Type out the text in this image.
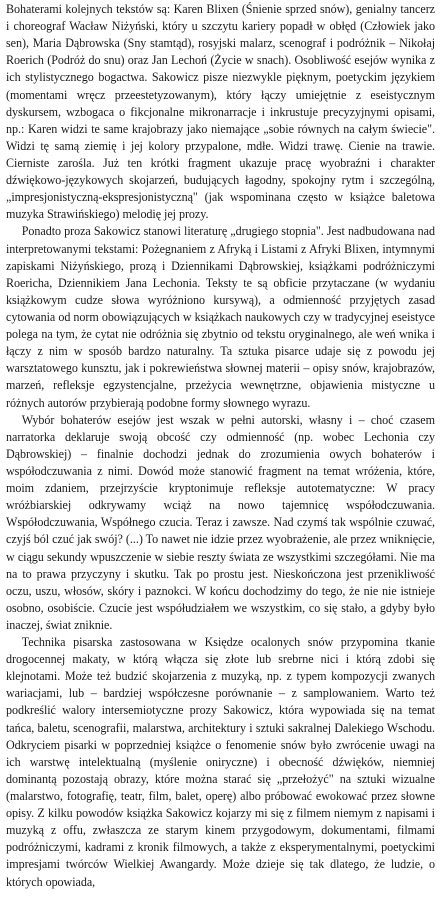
Bohaterami kolejnych tekstów są: Karen Blixen (Śnienie sprzed snów), genialny tancerz i choreograf Wacław Niżyński, który u szczytu kariery popadł w obłęd (Człowiek jako sen), Maria Dąbrowska (Sny stamtąd), rosyjski malarz, scenograf i podróżnik – Nikołaj Roerich (Podróż do snu) oraz Jan Lechoń (Życie w snach). Osobliwość esejów wynika z ich stylistycznego bogactwa. Sakowicz pisze niezwykle pięknym, poetyckim językiem (momentami wręcz przeestetyzowanym), który łączy umiejętnie z eseistycznym dyskursem, wzbogaca o fikcjonalne mikronarracje i inkrustuje precyzyjnymi opisami, np.: Karen widzi te same krajobrazy jako niemające „sobie równych na całym świecie". Widzi tę samą ziemię i jej kolory przypalone, mdłe. Widzi trawę. Cienie na trawie. Cierniste zarośla. Już ten krótki fragment ukazuje pracę wyobraźni i charakter dźwiękowo-językowych skojarzeń, budujących łagodny, spokojny rytm i szczególną, „impresjonistyczną-ekspresjonistyczną" (jak wspominana często w książce baletowa muzyka Strawińskiego) melodię jej prozy.

Ponadto proza Sakowicz stanowi literaturę „drugiego stopnia". Jest nadbudowana nad interpretowanymi tekstami: Pożegnaniem z Afryką i Listami z Afryki Blixen, intymnymi zapiskami Niżyńskiego, prozą i Dziennikami Dąbrowskiej, książkami podróżniczymi Roericha, Dziennikiem Jana Lechonia. Teksty te są obficie przytaczane (w wydaniu książkowym cudze słowa wyróżniono kursywą), a odmienność przyjętych zasad cytowania od norm obowiązujących w książkach naukowych czy w tradycyjnej eseistyce polega na tym, że cytat nie odróżnia się zbytnio od tekstu oryginalnego, ale weń wnika i łączy z nim w sposób bardzo naturalny. Ta sztuka pisarce udaje się z powodu jej warsztatowego kunsztu, jak i pokrewieństwa słownej materii – opisy snów, krajobrazów, marzeń, refleksje egzystencjalne, przeżycia wewnętrzne, objawienia mistyczne u różnych autorów przybierają podobne formy słownego wyrazu.

Wybór bohaterów esejów jest wszak w pełni autorski, własny i – choć czasem narratorka deklaruje swoją obcość czy odmienność (np. wobec Lechonia czy Dąbrowskiej) – finalnie dochodzi jednak do zrozumienia owych bohaterów i współodczuwania z nimi. Dowód może stanowić fragment na temat wróżenia, które, moim zdaniem, przejrzyście kryptonimuje refleksje autotematyczne: W pracy wróżbiarskiej odkrywamy wciąż na nowo tajemnicę współodczuwania. Współodczuwania, Współnego czucia. Teraz i zawsze. Nad czymś tak wspólnie czuwać, czyjś ból czuć jak swój? (...) To nawet nie idzie przez wyobrażenie, ale przez wniknięcie, w ciągu sekundy wpuszczenie w siebie reszty świata ze wszystkimi szczegółami. Nie ma na to prawa przyczyny i skutku. Tak po prostu jest. Nieskończona jest przenikliwość oczu, uszu, włosów, skóry i paznokci. W końcu dochodzimy do tego, że nie nie istnieje osobno, osobiście. Czucie jest współudziałem we wszystkim, co się stało, a gdyby było inaczej, świat zniknie.

Technika pisarska zastosowana w Księdze ocalonych snów przypomina tkanie drogocennej makaty, w którą włącza się złote lub srebrne nici i którą zdobi się klejnotami. Może też budzić skojarzenia z muzyką, np. z typem kompozycji zwanych wariacjami, lub – bardziej współczesne porównanie – z samplowaniem. Warto też podkreślić walory intersemiotyczne prozy Sakowicz, która wypowiada się na temat tańca, baletu, scenografii, malarstwa, architektury i sztuki sakralnej Dalekiego Wschodu. Odkryciem pisarki w poprzedniej książce o fenomenie snów było zwrócenie uwagi na ich warstwę intelektualną (myślenie oniryczne) i obecność dźwięków, niemniej dominantą pozostają obrazy, które można starać się „przełożyć" na sztuki wizualne (malarstwo, fotografię, teatr, film, balet, operę) albo próbować ewokować przez słowne opisy. Z kilku powodów książka Sakowicz kojarzy mi się z filmem niemym z napisami i muzyką z offu, zwłaszcza ze starym kinem przygodowym, dokumentami, filmami podróżniczymi, kadrami z kronik filmowych, a także z eksperymentalnymi, poetyckimi impresjami twórców Wielkiej Awangardy. Może dzieje się tak dlatego, że ludzie, o których opowiada,
